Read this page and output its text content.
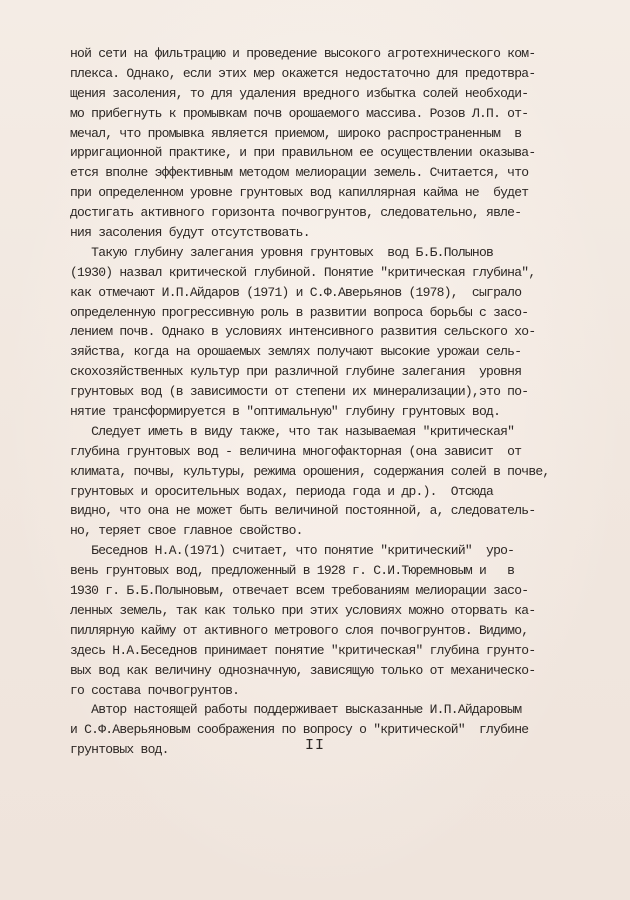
ной сети на фильтрацию и проведение высокого агротехнического ком-
плекса. Однако, если этих мер окажется недостаточно для предотвра-
щения засоления, то для удаления вредного избытка солей необходи-
мо прибегнуть к промывкам почв орошаемого массива. Розов Л.П. от-
мечал, что промывка является приемом, широко распространенным  в
ирригационной практике, и при правильном ее осуществлении оказыва-
ется вполне эффективным методом мелиорации земель. Считается, что
при определенном уровне грунтовых вод капиллярная кайма не  будет
достигать активного горизонта почвогрунтов, следовательно, явле-
ния засоления будут отсутствовать.
Такую глубину залегания уровня грунтовых  вод Б.Б.Полынов
(1930) назвал критической глубиной. Понятие "критическая глубина",
как отмечают И.П.Айдаров (1971) и С.Ф.Аверьянов (1978),  сыграло
определенную прогрессивную роль в развитии вопроса борьбы с засо-
лением почв. Однако в условиях интенсивного развития сельского хо-
зяйства, когда на орошаемых землях получают высокие урожаи сель-
скохозяйственных культур при различной глубине залегания  уровня
грунтовых вод (в зависимости от степени их минерализации),это по-
нятие трансформируется в "оптимальную" глубину грунтовых вод.
Следует иметь в виду также, что так называемая "критическая"
глубина грунтовых вод - величина многофакторная (она зависит  от
климата, почвы, культуры, режима орошения, содержания солей в почве,
грунтовых и оросительных водах, периода года и др.).  Отсюда
видно, что она не может быть величиной постоянной, а, следователь-
но, теряет свое главное свойство.
Беседнов Н.А.(1971) считает, что понятие "критический"  уро-
вень грунтовых вод, предложенный в 1928 г. С.И.Тюремновым и   в
1930 г. Б.Б.Полыновым, отвечает всем требованиям мелиорации засо-
ленных земель, так как только при этих условиях можно оторвать ка-
пиллярную кайму от активного метрового слоя почвогрунтов. Видимо,
здесь Н.А.Беседнов принимает понятие "критическая" глубина грунто-
вых вод как величину однозначную, зависящую только от механическо-
го состава почвогрунтов.
Автор настоящей работы поддерживает высказанные И.П.Айдаровым
и С.Ф.Аверьяновым соображения по вопросу о "критической"  глубине
грунтовых вод.	II
